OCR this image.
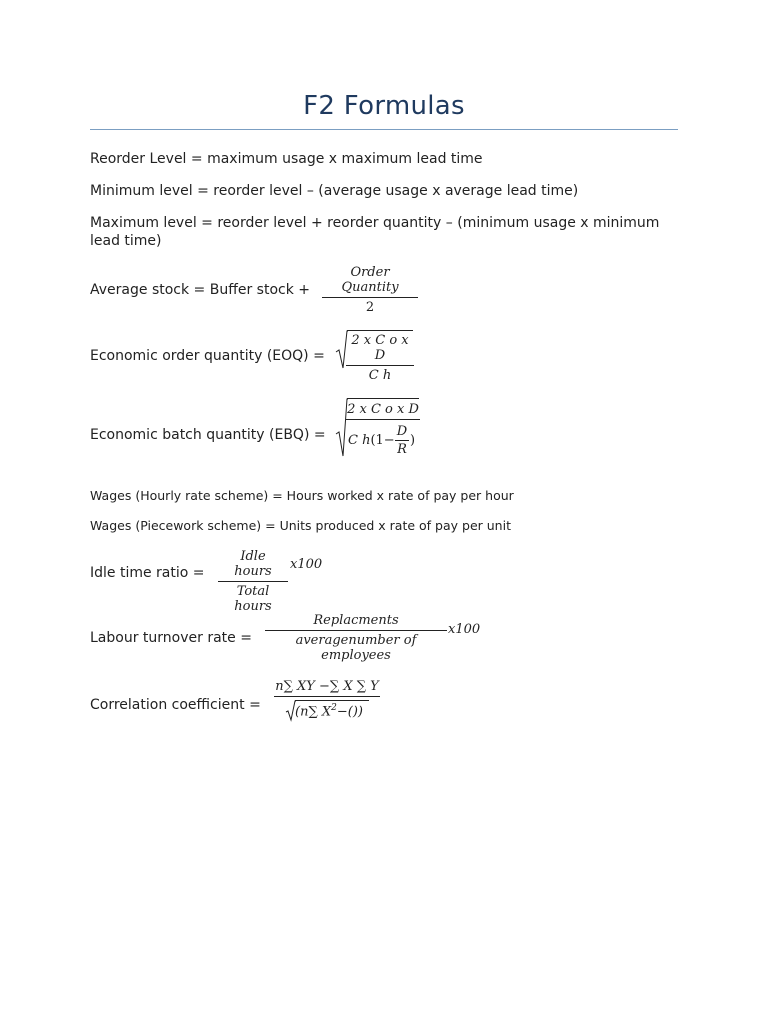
F2 Formulas
Reorder Level = maximum usage x maximum lead time
Minimum level = reorder level – (average usage x average lead time)
Maximum level = reorder level + reorder quantity – (minimum usage x minimum lead time)
Average stock = Buffer stock +
Order Quantity
2
Economic order quantity $(EOQ) = \frac{\text{2 x C o x D}}{\text{C h}}$
Economic batch quantity (EBQ) =
2 x C o x D
C $h(1- \frac{D}{R}$ )
Wages (Hourly rate scheme) = Hours worked x rate of pay per hour
Wages (Piecework scheme) = Units produced x rate of pay per unit
Idle time ratio =
Idle hours
Total hours
x100
Labour turnover rate =
Replacments
averagenumber of employees
x100
Correlation coefficient =
n∑ XY −∑ X ∑ Y
(n∑ $X^2-()$)
